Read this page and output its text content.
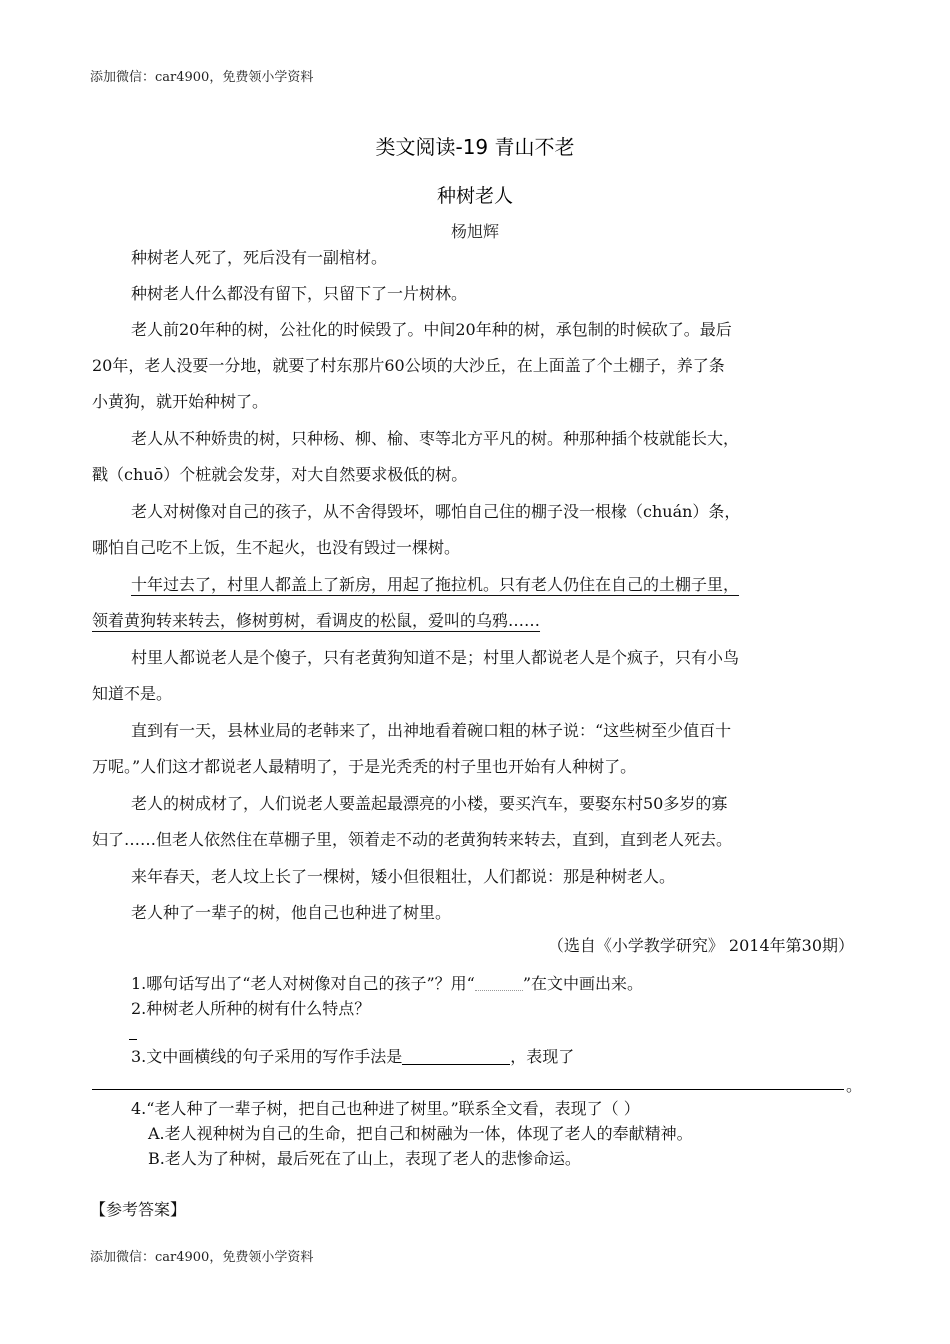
添加微信：car4900，免费领小学资料
类文阅读-19 青山不老
种树老人
杨旭辉
种树老人死了，死后没有一副棺材。
种树老人什么都没有留下，只留下了一片树林。
老人前20年种的树，公社化的时候毁了。中间20年种的树，承包制的时候砍了。最后
20年，老人没要一分地，就要了村东那片60公顷的大沙丘，在上面盖了个土棚子，养了条
小黄狗，就开始种树了。
老人从不种娇贵的树，只种杨、柳、榆、枣等北方平凡的树。种那种插个枝就能长大，
戳（chuō）个桩就会发芽，对大自然要求极低的树。
老人对树像对自己的孩子，从不舍得毁坏，哪怕自己住的棚子没一根椽（chuán）条，
哪怕自己吃不上饭，生不起火，也没有毁过一棵树。
十年过去了，村里人都盖上了新房，用起了拖拉机。只有老人仍住在自己的土棚子里，
领着黄狗转来转去，修树剪树，看调皮的松鼠，爱叫的乌鸦……
村里人都说老人是个傻子，只有老黄狗知道不是；村里人都说老人是个疯子，只有小鸟
知道不是。
直到有一天，县林业局的老韩来了，出神地看着碗口粗的林子说：“这些树至少值百十
万呢。”人们这才都说老人最精明了，于是光秃秃的村子里也开始有人种树了。
老人的树成材了，人们说老人要盖起最漂亮的小楼，要买汽车，要娶东村50多岁的寡
妇了……但老人依然住在草棚子里，领着走不动的老黄狗转来转去，直到，直到老人死去。
来年春天，老人坟上长了一棵树，矮小但很粗壮，人们都说：那是种树老人。
老人种了一辈子的树，他自己也种进了树里。
（选自《小学教学研究》 2014年第30期）
1.哪句话写出了“老人对树像对自己的孩子”？用“	”在文中画出来。
2.种树老人所种的树有什么特点？
3.文中画横线的句子采用的写作手法是	，表现了
。
4.“老人种了一辈子树，把自己也种进了树里。”联系全文看，表现了（ ）
A.老人视种树为自己的生命，把自己和树融为一体，体现了老人的奉献精神。
B.老人为了种树，最后死在了山上，表现了老人的悲惨命运。
【参考答案】
添加微信：car4900，免费领小学资料
